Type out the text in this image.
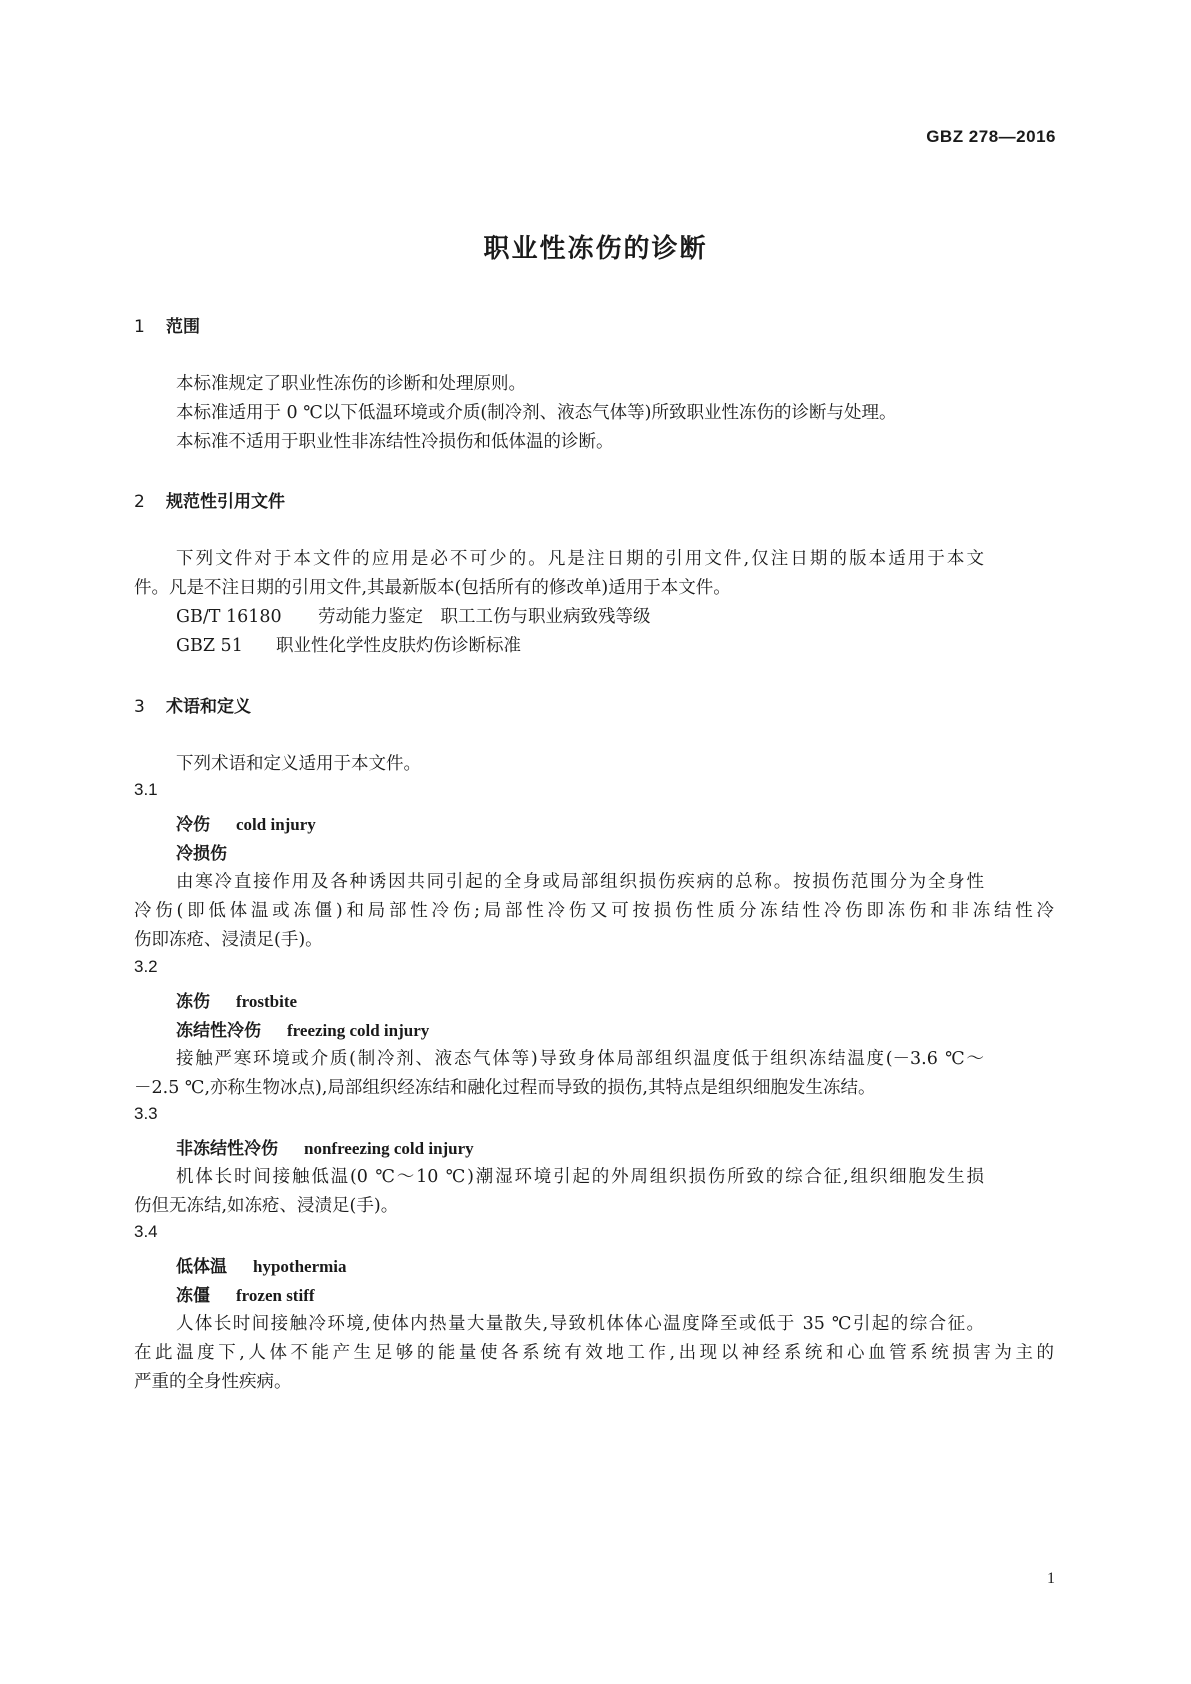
GBZ 278—2016
职业性冻伤的诊断
1 范围
本标准规定了职业性冻伤的诊断和处理原则。
本标准适用于 0 ℃以下低温环境或介质(制冷剂、液态气体等)所致职业性冻伤的诊断与处理。
本标准不适用于职业性非冻结性冷损伤和低体温的诊断。
2 规范性引用文件
下列文件对于本文件的应用是必不可少的。凡是注日期的引用文件,仅注日期的版本适用于本文
件。凡是不注日期的引用文件,其最新版本(包括所有的修改单)适用于本文件。
GB/T 16180 劳动能力鉴定　职工工伤与职业病致残等级
GBZ 51 职业性化学性皮肤灼伤诊断标准
3 术语和定义
下列术语和定义适用于本文件。
3.1
冷伤 cold injury
冷损伤
由寒冷直接作用及各种诱因共同引起的全身或局部组织损伤疾病的总称。按损伤范围分为全身性
冷伤(即低体温或冻僵)和局部性冷伤;局部性冷伤又可按损伤性质分冻结性冷伤即冻伤和非冻结性冷
伤即冻疮、浸渍足(手)。
3.2
冻伤 frostbite
冻结性冷伤 freezing cold injury
接触严寒环境或介质(制冷剂、液态气体等)导致身体局部组织温度低于组织冻结温度(－3.6 ℃～
－2.5 ℃,亦称生物冰点),局部组织经冻结和融化过程而导致的损伤,其特点是组织细胞发生冻结。
3.3
非冻结性冷伤 nonfreezing cold injury
机体长时间接触低温(0 ℃～10 ℃)潮湿环境引起的外周组织损伤所致的综合征,组织细胞发生损
伤但无冻结,如冻疮、浸渍足(手)。
3.4
低体温 hypothermia
冻僵 frozen stiff
人体长时间接触冷环境,使体内热量大量散失,导致机体体心温度降至或低于 35 ℃引起的综合征。
在此温度下,人体不能产生足够的能量使各系统有效地工作,出现以神经系统和心血管系统损害为主的
严重的全身性疾病。
1
